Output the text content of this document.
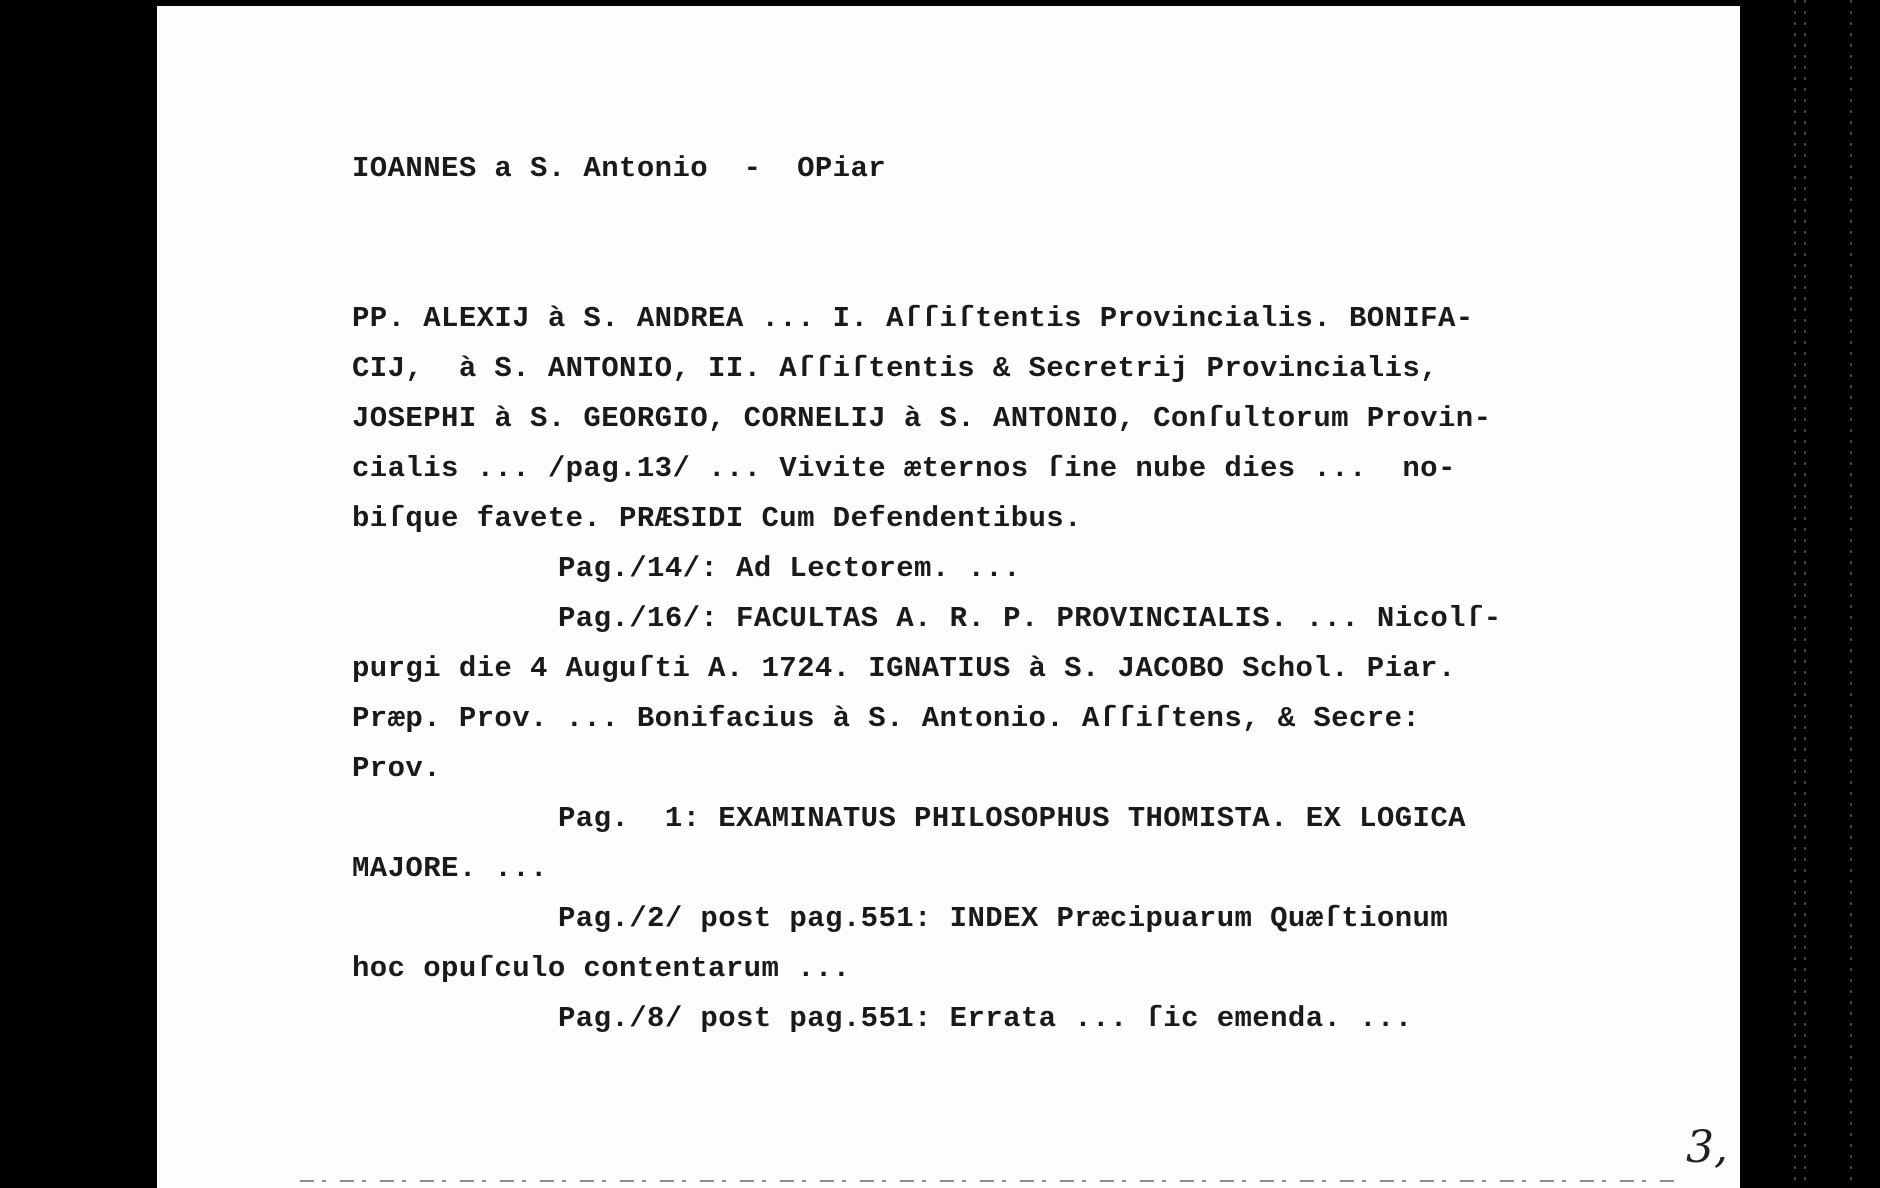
IOANNES a S. Antonio  -  OPiar
PP. ALEXIJ à S. ANDREA ... I. Aſſiſtentis Provincialis. BONIFA-
CIJ,  à S. ANTONIO, II. Aſſiſtentis & Secretrij Provincialis,
JOSEPHI à S. GEORGIO, CORNELIJ à S. ANTONIO, Conſultorum Provin-
cialis ... /pag.13/ ... Vivite æternos ſine nube dies ...  no-
biſque favete. PRÆSIDI Cum Defendentibus.
Pag./14/: Ad Lectorem. ...
Pag./16/: FACULTAS A. R. P. PROVINCIALIS. ... Nicolſ-
purgi die 4 Auguſti A. 1724. IGNATIUS à S. JACOBO Schol. Piar.
Præp. Prov. ... Bonifacius à S. Antonio. Aſſiſtens, & Secre:
Prov.
Pag.  1: EXAMINATUS PHILOSOPHUS THOMISTA. EX LOGICA
MAJORE. ...
Pag./2/ post pag.551: INDEX Præcipuarum Quæſtionum
hoc opuſculo contentarum ...
Pag./8/ post pag.551: Errata ... ſic emenda. ...
3,
